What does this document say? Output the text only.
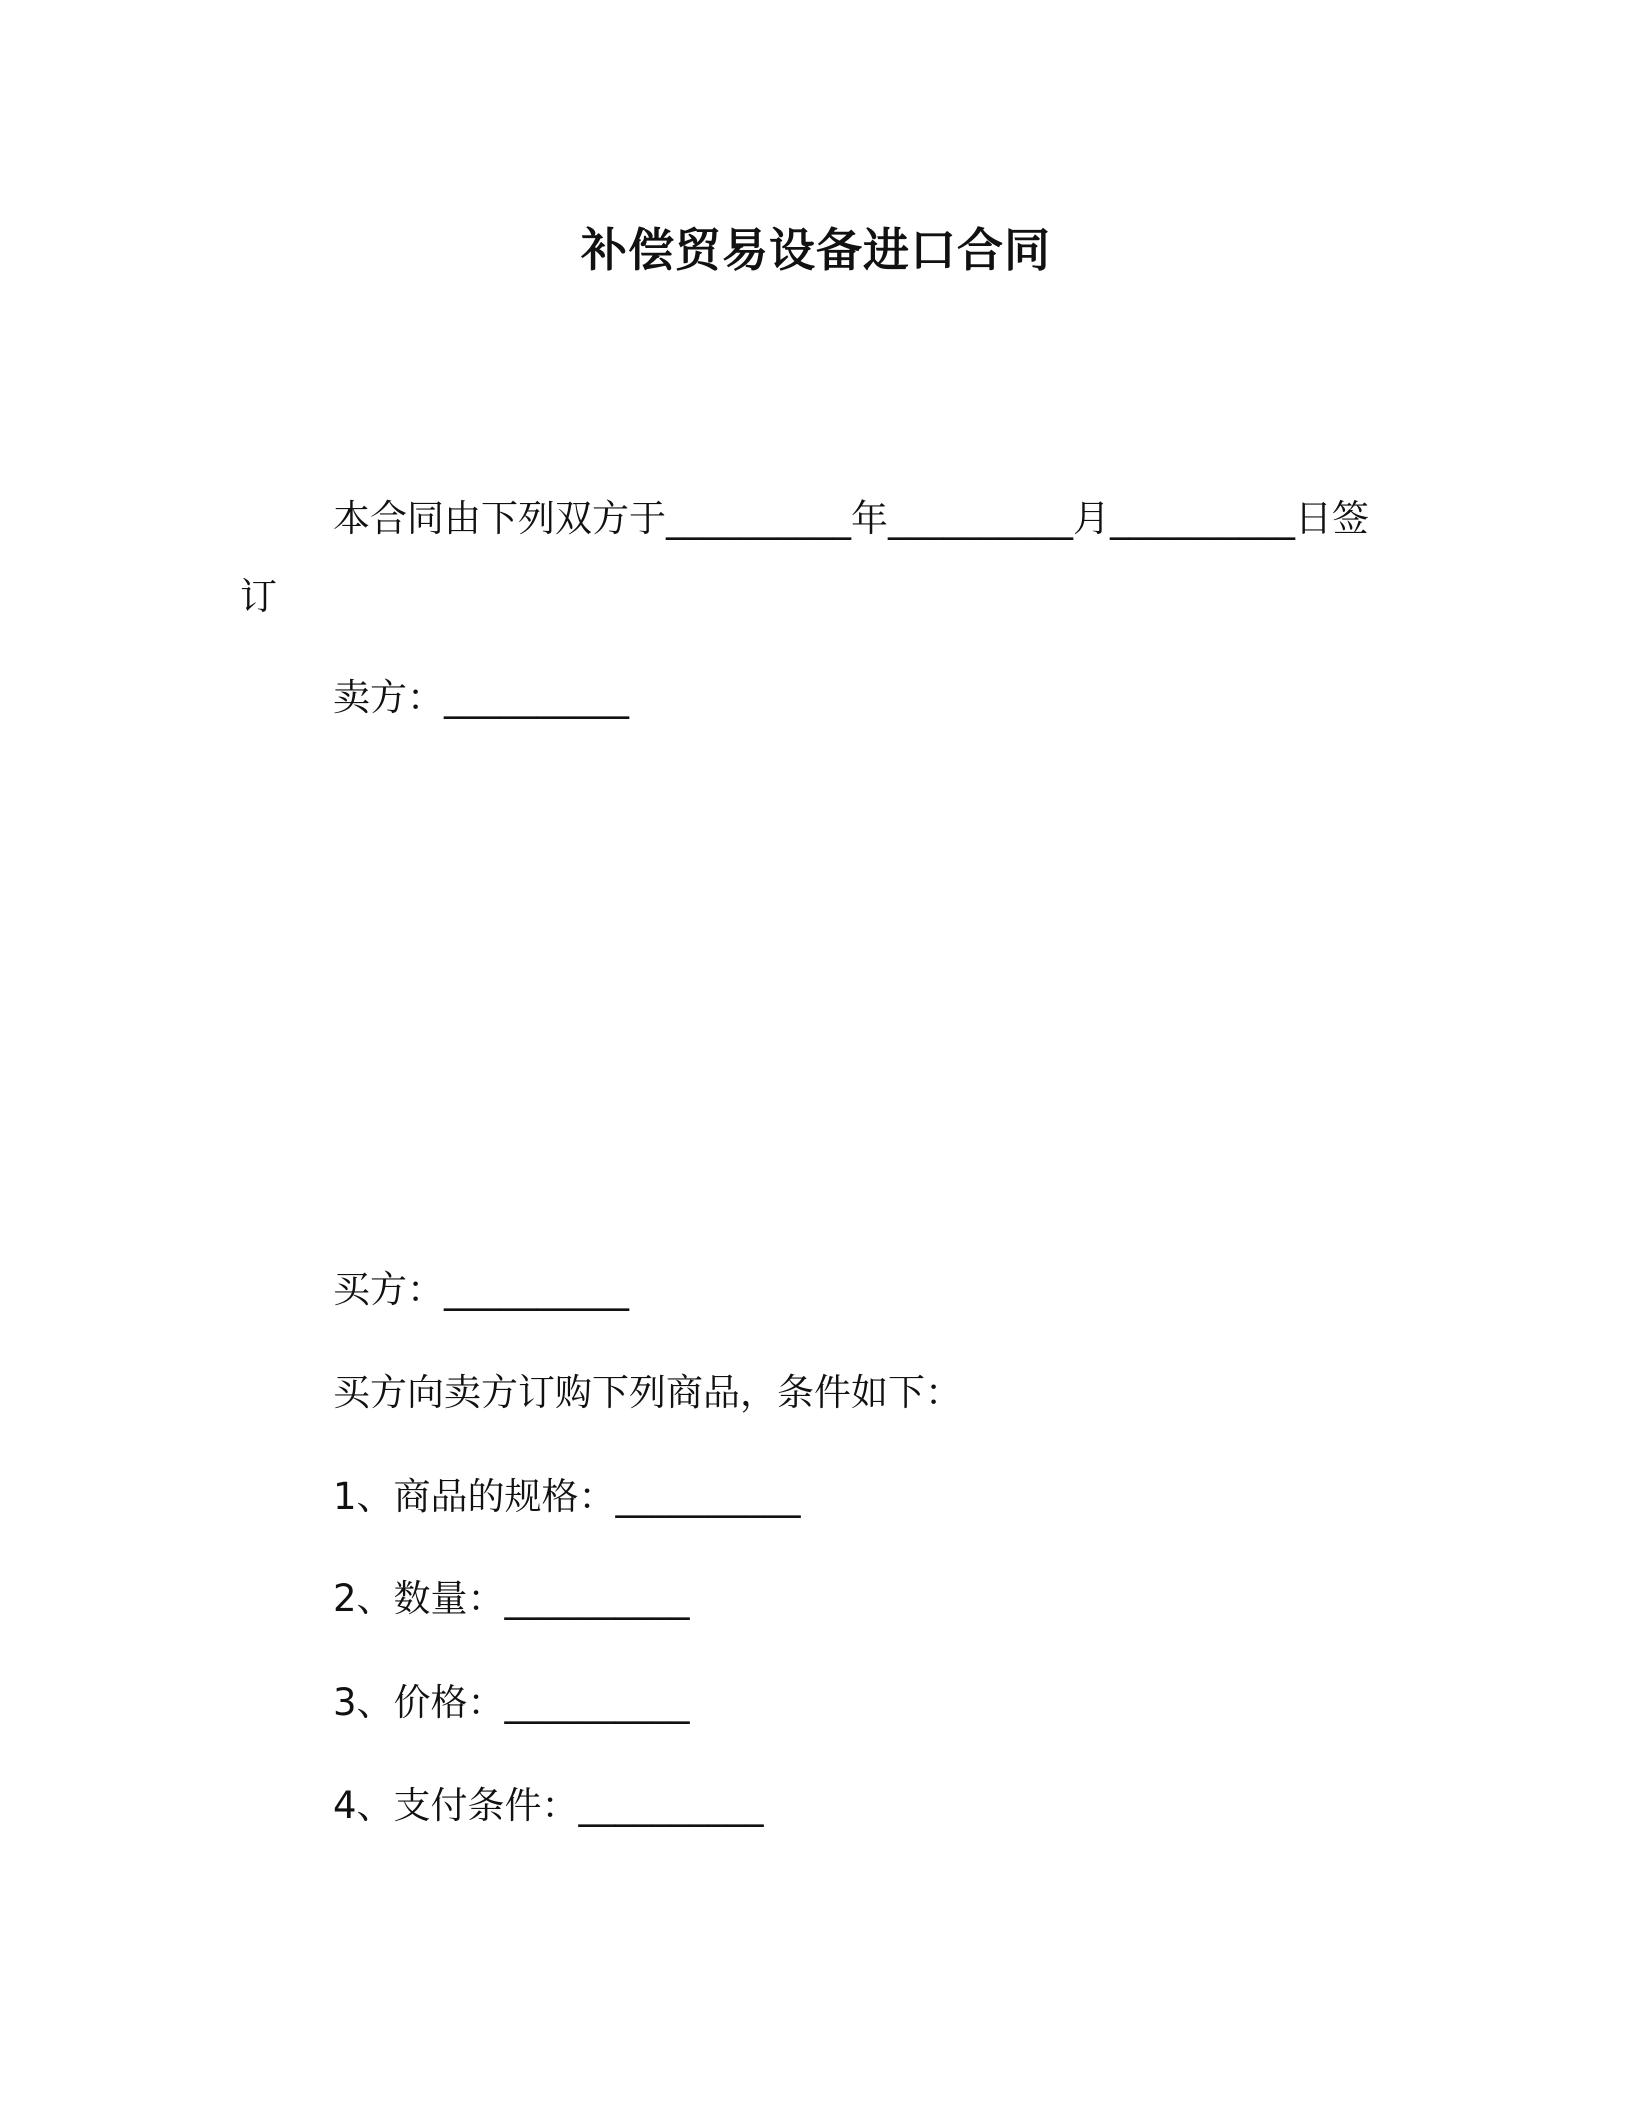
补偿贸易设备进口合同
本合同由下列双方于__________年__________月__________日签
订
卖方：__________
买方：__________
买方向卖方订购下列商品，条件如下：
1、商品的规格：__________
2、数量：__________
3、价格：__________
4、支付条件：__________
